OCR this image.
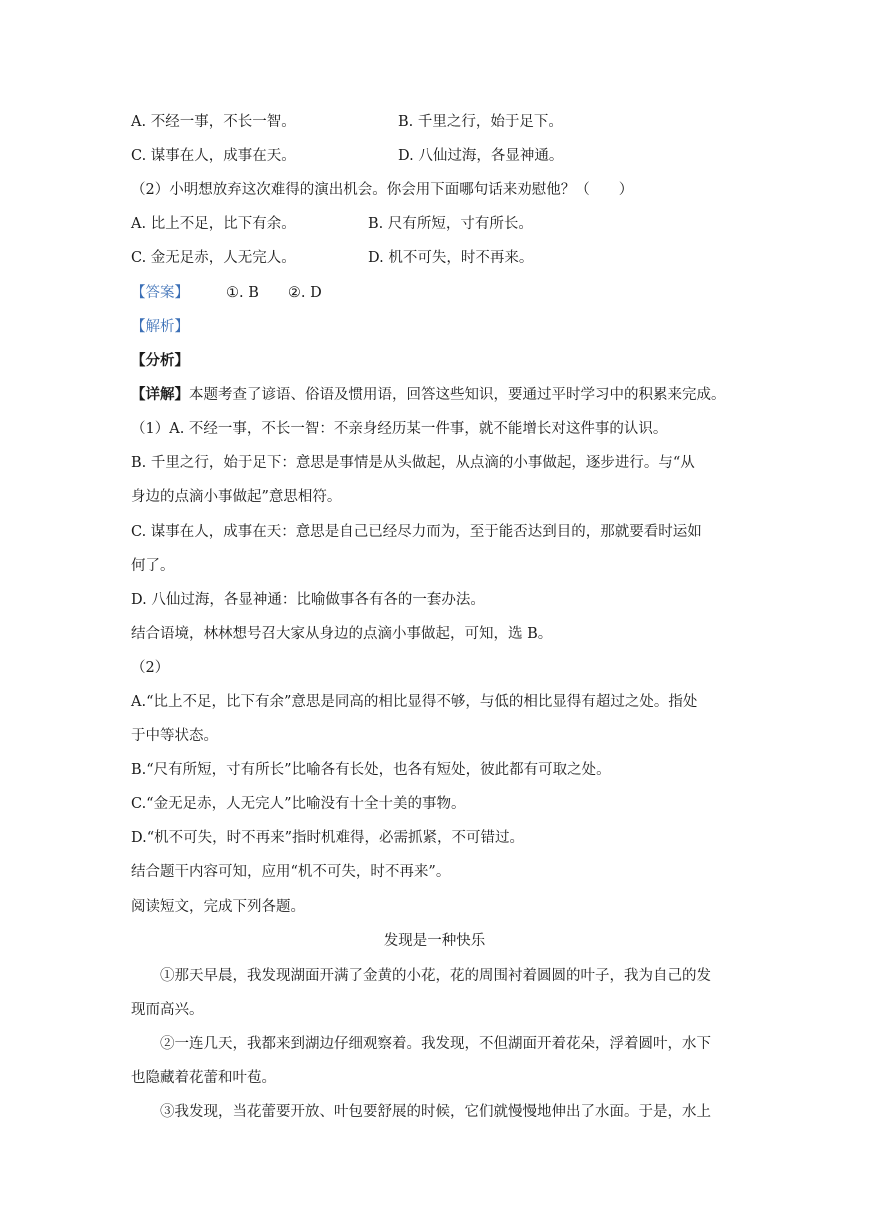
A. 不经一事，不长一智。	B. 千里之行，始于足下。
C. 谋事在人，成事在天。	D. 八仙过海，各显神通。
（2）小明想放弃这次难得的演出机会。你会用下面哪句话来劝慰他？（　　）
A. 比上不足，比下有余。	B. 尺有所短，寸有所长。
C. 金无足赤，人无完人。	D. 机不可失，时不再来。
【答案】	①. B　　②. D
【解析】
【分析】
【详解】本题考查了谚语、俗语及惯用语，回答这些知识，要通过平时学习中的积累来完成。
（1）A. 不经一事，不长一智：不亲身经历某一件事，就不能增长对这件事的认识。
B. 千里之行，始于足下：意思是事情是从头做起，从点滴的小事做起，逐步进行。与“从
身边的点滴小事做起”意思相符。
C. 谋事在人，成事在天：意思是自己已经尽力而为，至于能否达到目的，那就要看时运如
何了。
D. 八仙过海，各显神通：比喻做事各有各的一套办法。
结合语境，林林想号召大家从身边的点滴小事做起，可知，选 B。
（2）
A.“比上不足，比下有余”意思是同高的相比显得不够，与低的相比显得有超过之处。指处
于中等状态。
B.“尺有所短，寸有所长”比喻各有长处，也各有短处，彼此都有可取之处。
C.“金无足赤，人无完人”比喻没有十全十美的事物。
D.“机不可失，时不再来”指时机难得，必需抓紧，不可错过。
结合题干内容可知，应用“机不可失，时不再来”。
阅读短文，完成下列各题。
发现是一种快乐
①那天早晨，我发现湖面开满了金黄的小花，花的周围衬着圆圆的叶子，我为自己的发
现而高兴。
②一连几天，我都来到湖边仔细观察着。我发现，不但湖面开着花朵，浮着圆叶，水下
也隐藏着花蕾和叶苞。
③我发现，当花蕾要开放、叶包要舒展的时候，它们就慢慢地伸出了水面。于是，水上
